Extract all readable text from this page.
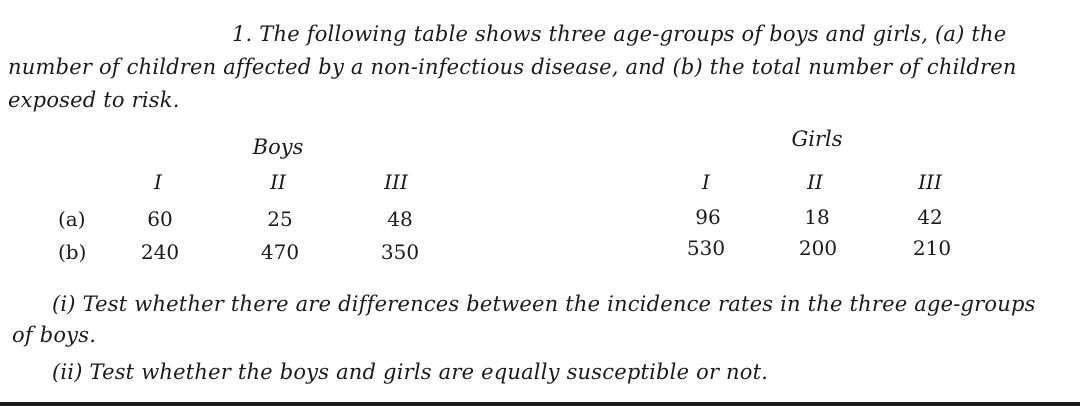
1. The following table shows three age-groups of boys and girls, (a) the
number of children affected by a non-infectious disease, and (b) the total number of children
exposed to risk.
Boys	Girls
I	II	III	I	II	III
(a)	60	25	48	96	18	42
(b)	240	470	350	530	200	210
(i) Test whether there are differences between the incidence rates in the three age-groups
of boys.
(ii) Test whether the boys and girls are equally susceptible or not.
